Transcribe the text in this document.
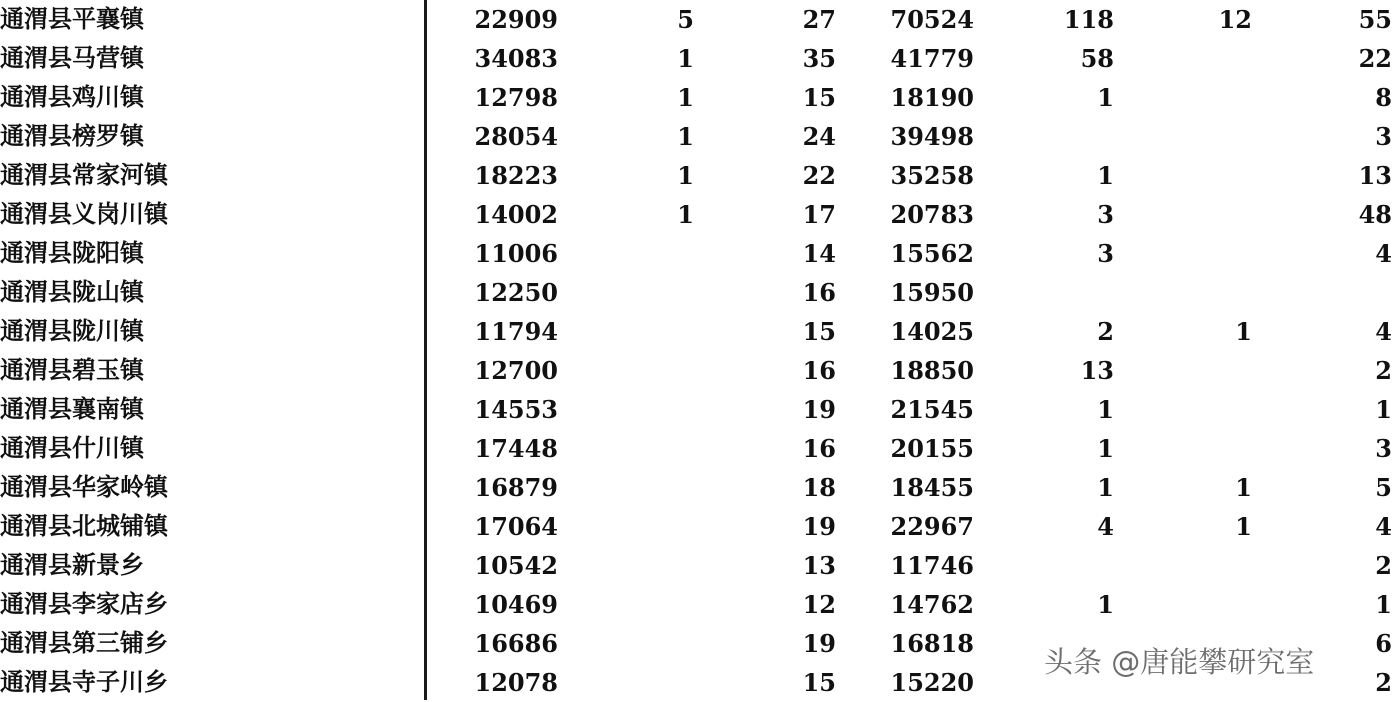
通渭县平襄镇	22909	5	27	70524	118	12	55
通渭县马营镇	34083	1	35	41779	58		22
通渭县鸡川镇	12798	1	15	18190	1		8
通渭县榜罗镇	28054	1	24	39498			3
通渭县常家河镇	18223	1	22	35258	1		13
通渭县义岗川镇	14002	1	17	20783	3		48
通渭县陇阳镇	11006		14	15562	3		4
通渭县陇山镇	12250		16	15950			
通渭县陇川镇	11794		15	14025	2	1	4
通渭县碧玉镇	12700		16	18850	13		2
通渭县襄南镇	14553		19	21545	1		1
通渭县什川镇	17448		16	20155	1		3
通渭县华家岭镇	16879		18	18455	1	1	5
通渭县北城铺镇	17064		19	22967	4	1	4
通渭县新景乡	10542		13	11746			2
通渭县李家店乡	10469		12	14762	1		1
通渭县第三铺乡	16686		19	16818			6
通渭县寺子川乡	12078		15	15220			2
头条 @唐能攀研究室
